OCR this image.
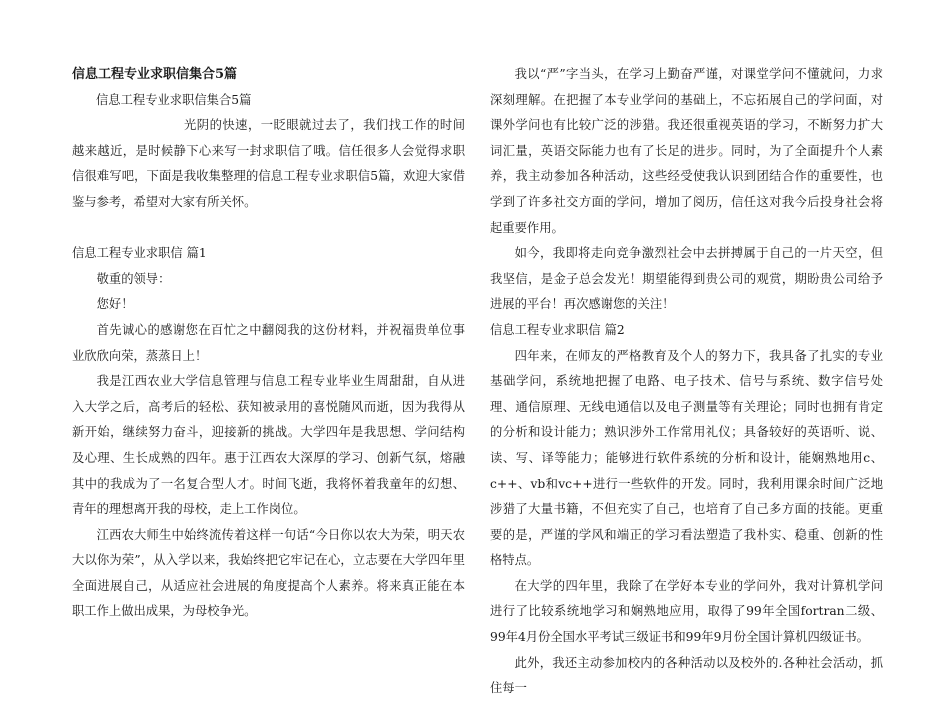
信息工程专业求职信集合5篇

信息工程专业求职信集合5篇

光阴的快速，一眨眼就过去了，我们找工作的时间越来越近，是时候静下心来写一封求职信了哦。信任很多人会觉得求职信很难写吧，下面是我收集整理的信息工程专业求职信5篇，欢迎大家借鉴与参考，希望对大家有所关怀。

信息工程专业求职信 篇1

敬重的领导：

您好！

首先诚心的感谢您在百忙之中翻阅我的这份材料，并祝福贵单位事业欣欣向荣，蒸蒸日上！

我是江西农业大学信息管理与信息工程专业毕业生周甜甜，自从进入大学之后，高考后的轻松、获知被录用的喜悦随风而逝，因为我得从新开始，继续努力奋斗，迎接新的挑战。大学四年是我思想、学问结构及心理、生长成熟的四年。惠于江西农大深厚的学习、创新气氛，熔融其中的我成为了一名复合型人才。时间飞逝，我将怀着我童年的幻想、青年的理想离开我的母校，走上工作岗位。

江西农大师生中始终流传着这样一句话“今日你以农大为荣，明天农大以你为荣”，从入学以来，我始终把它牢记在心，立志要在大学四年里全面进展自己，从适应社会进展的角度提高个人素养。将来真正能在本职工作上做出成果，为母校争光。

我以“严”字当头，在学习上勤奋严谨，对课堂学问不懂就问，力求深刻理解。在把握了本专业学问的基础上，不忘拓展自己的学问面，对课外学问也有比较广泛的涉猎。我还很重视英语的学习，不断努力扩大词汇量，英语交际能力也有了长足的进步。同时，为了全面提升个人素养，我主动参加各种活动，这些经受使我认识到团结合作的重要性，也学到了许多社交方面的学问，增加了阅历，信任这对我今后投身社会将起重要作用。

如今，我即将走向竞争激烈社会中去拼搏属于自己的一片天空，但我坚信，是金子总会发光！期望能得到贵公司的观赏，期盼贵公司给予进展的平台！再次感谢您的关注！

信息工程专业求职信 篇2

四年来，在师友的严格教育及个人的努力下，我具备了扎实的专业基础学问，系统地把握了电路、电子技术、信号与系统、数字信号处理、通信原理、无线电通信以及电子测量等有关理论；同时也拥有肯定的分析和设计能力；熟识涉外工作常用礼仪；具备较好的英语听、说、读、写、译等能力；能够进行软件系统的分析和设计，能娴熟地用c、c++、vb和vc++进行一些软件的开发。同时，我利用课余时间广泛地涉猎了大量书籍，不但充实了自己，也培育了自己多方面的技能。更重要的是，严谨的学风和端正的学习看法塑造了我朴实、稳重、创新的性格特点。

在大学的四年里，我除了在学好本专业的学问外，我对计算机学问进行了比较系统地学习和娴熟地应用，取得了99年全国fortran二级、99年4月份全国水平考试三级证书和99年9月份全国计算机四级证书。

此外，我还主动参加校内的各种活动以及校外的.各种社会活动，抓住每一
